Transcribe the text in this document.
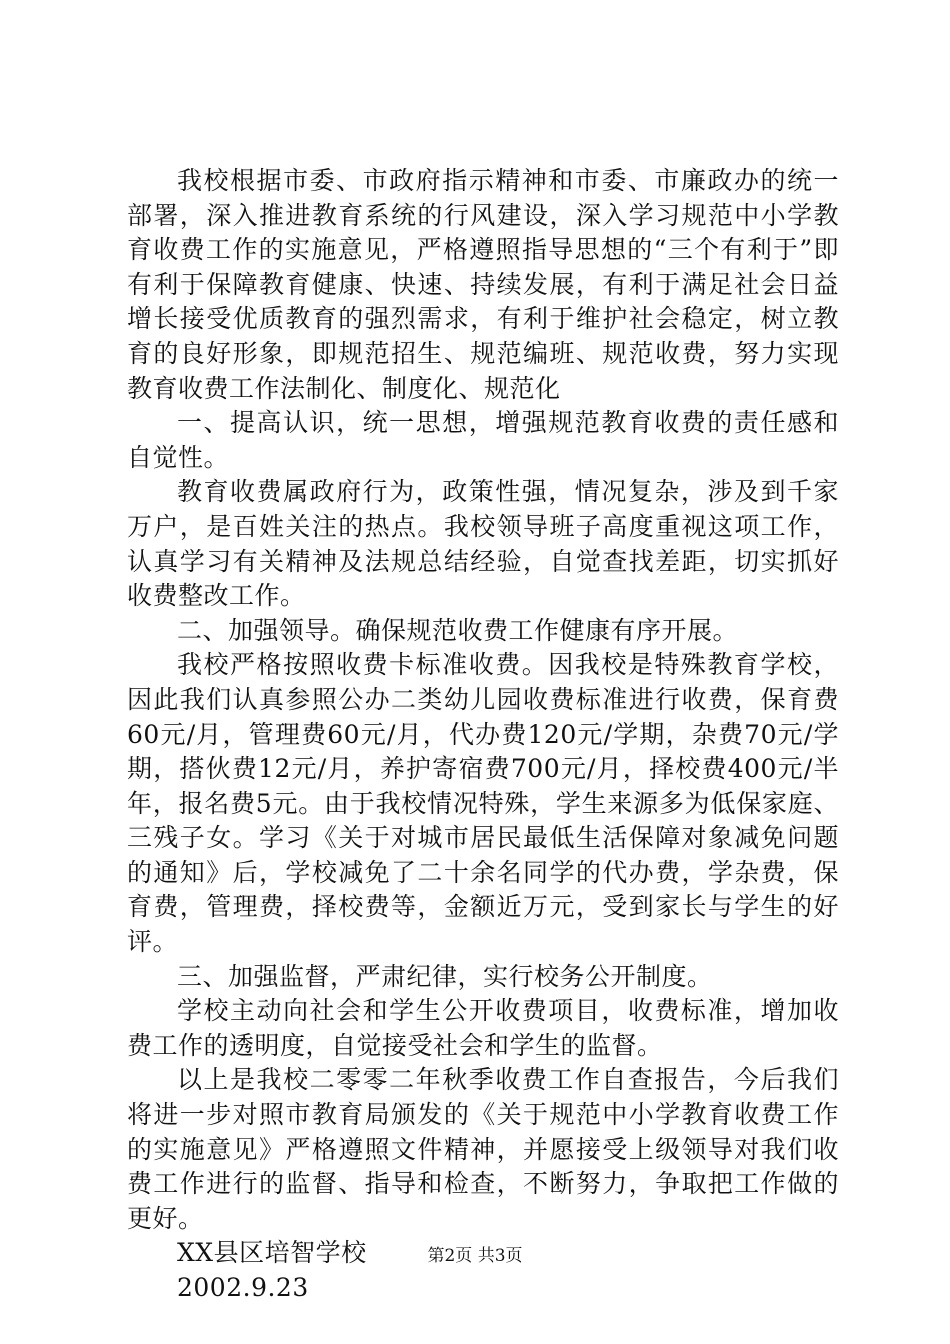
我校根据市委、市政府指示精神和市委、市廉政办的统一部署，深入推进教育系统的行风建设，深入学习规范中小学教育收费工作的实施意见，严格遵照指导思想的“三个有利于”即有利于保障教育健康、快速、持续发展，有利于满足社会日益增长接受优质教育的强烈需求，有利于维护社会稳定，树立教育的良好形象，即规范招生、规范编班、规范收费，努力实现教育收费工作法制化、制度化、规范化

一、提高认识，统一思想，增强规范教育收费的责任感和自觉性。

教育收费属政府行为，政策性强，情况复杂，涉及到千家万户，是百姓关注的热点。我校领导班子高度重视这项工作，认真学习有关精神及法规总结经验，自觉查找差距，切实抓好收费整改工作。

二、加强领导。确保规范收费工作健康有序开展。

我校严格按照收费卡标准收费。因我校是特殊教育学校，因此我们认真参照公办二类幼儿园收费标准进行收费，保育费60元/月，管理费60元/月，代办费120元/学期，杂费70元/学期，搭伙费12元/月，养护寄宿费700元/月，择校费400元/半年，报名费5元。由于我校情况特殊，学生来源多为低保家庭、三残子女。学习《关于对城市居民最低生活保障对象减免问题的通知》后，学校减免了二十余名同学的代办费，学杂费，保育费，管理费，择校费等，金额近万元，受到家长与学生的好评。

三、加强监督，严肃纪律，实行校务公开制度。

学校主动向社会和学生公开收费项目，收费标准，增加收费工作的透明度，自觉接受社会和学生的监督。

以上是我校二零零二年秋季收费工作自查报告，今后我们将进一步对照市教育局颁发的《关于规范中小学教育收费工作的实施意见》严格遵照文件精神，并愿接受上级领导对我们收费工作进行的监督、指导和检查，不断努力，争取把工作做的更好。

XX县区培智学校

2002.9.23

第2页 共3页
